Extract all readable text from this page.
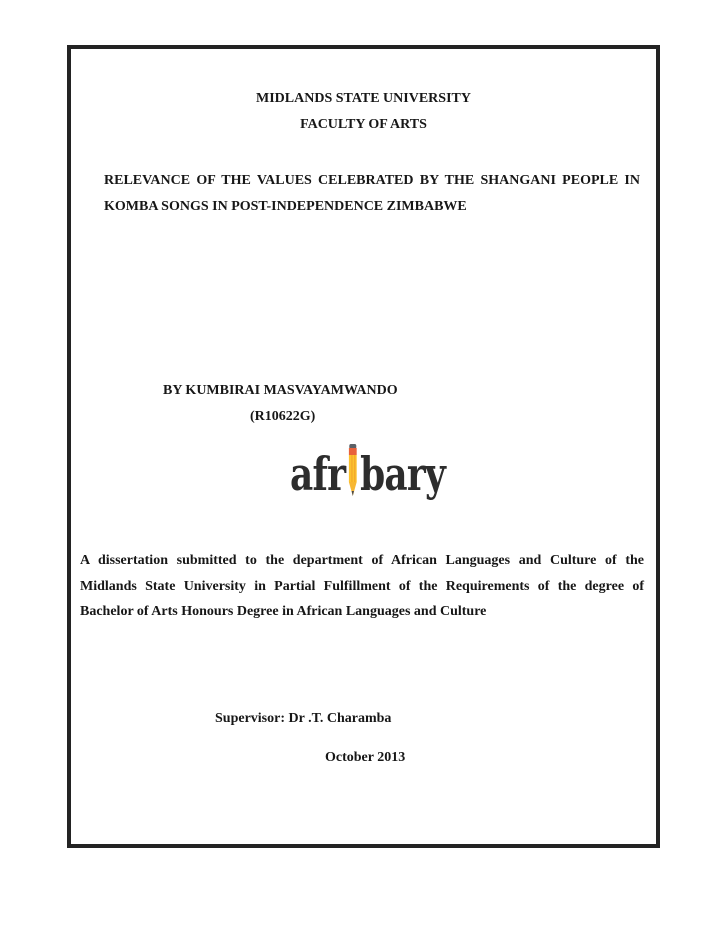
MIDLANDS STATE UNIVERSITY
FACULTY OF ARTS
RELEVANCE OF THE VALUES CELEBRATED BY THE SHANGANI PEOPLE IN
KOMBA SONGS IN POST-INDEPENDENCE ZIMBABWE
BY KUMBIRAI MASVAYAMWANDO
(R10622G)
afr bary
A dissertation submitted to the department of African Languages and Culture of the
Midlands State University in Partial Fulfillment of the Requirements of the degree of
Bachelor of Arts Honours Degree in African Languages and Culture
Supervisor: Dr .T. Charamba
October 2013
